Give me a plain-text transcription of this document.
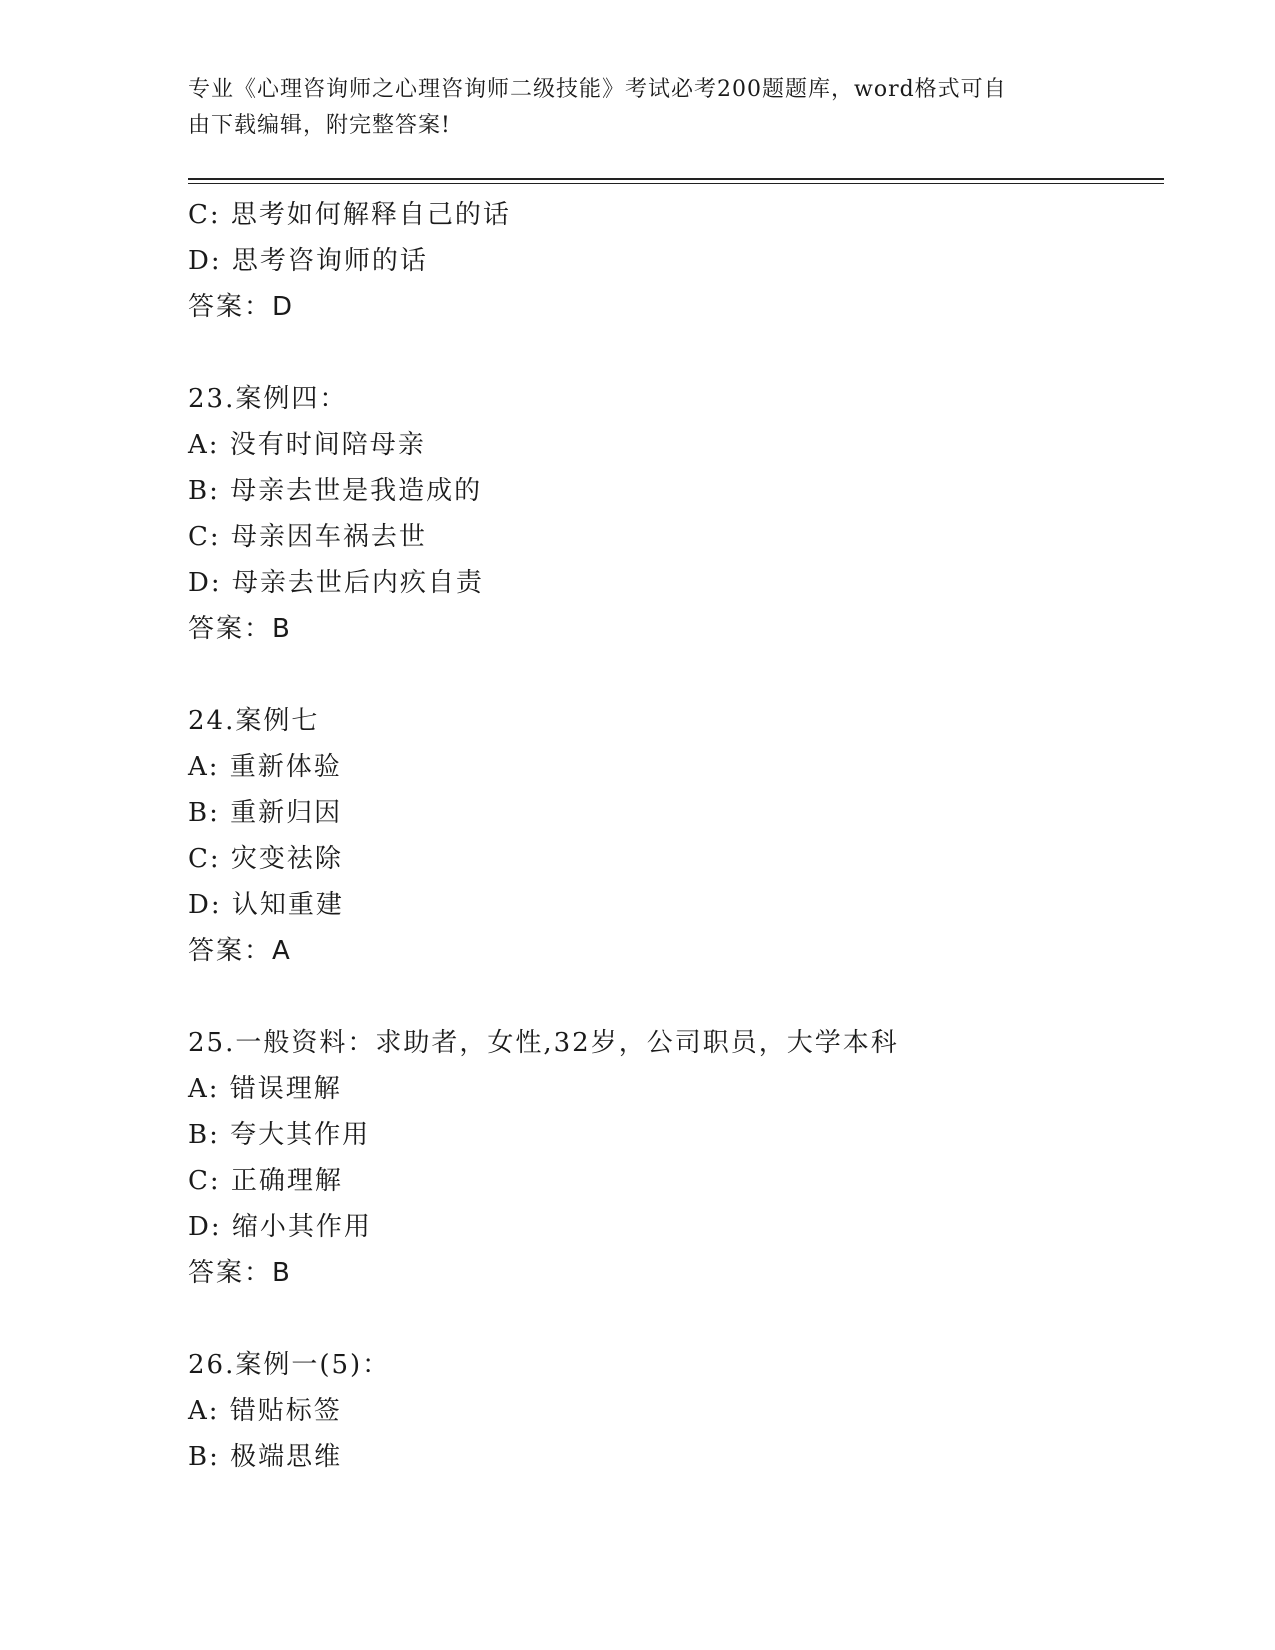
专业《心理咨询师之心理咨询师二级技能》考试必考200题题库，word格式可自
由下载编辑，附完整答案!
C: 思考如何解释自己的话
D: 思考咨询师的话
答案：D
23.案例四：
A: 没有时间陪母亲
B: 母亲去世是我造成的
C: 母亲因车祸去世
D: 母亲去世后内疚自责
答案：B
24.案例七
A: 重新体验
B: 重新归因
C: 灾变祛除
D: 认知重建
答案：A
25.一般资料：求助者，女性,32岁，公司职员，大学本科
A: 错误理解
B: 夸大其作用
C: 正确理解
D: 缩小其作用
答案：B
26.案例一(5)：
A: 错贴标签
B: 极端思维
